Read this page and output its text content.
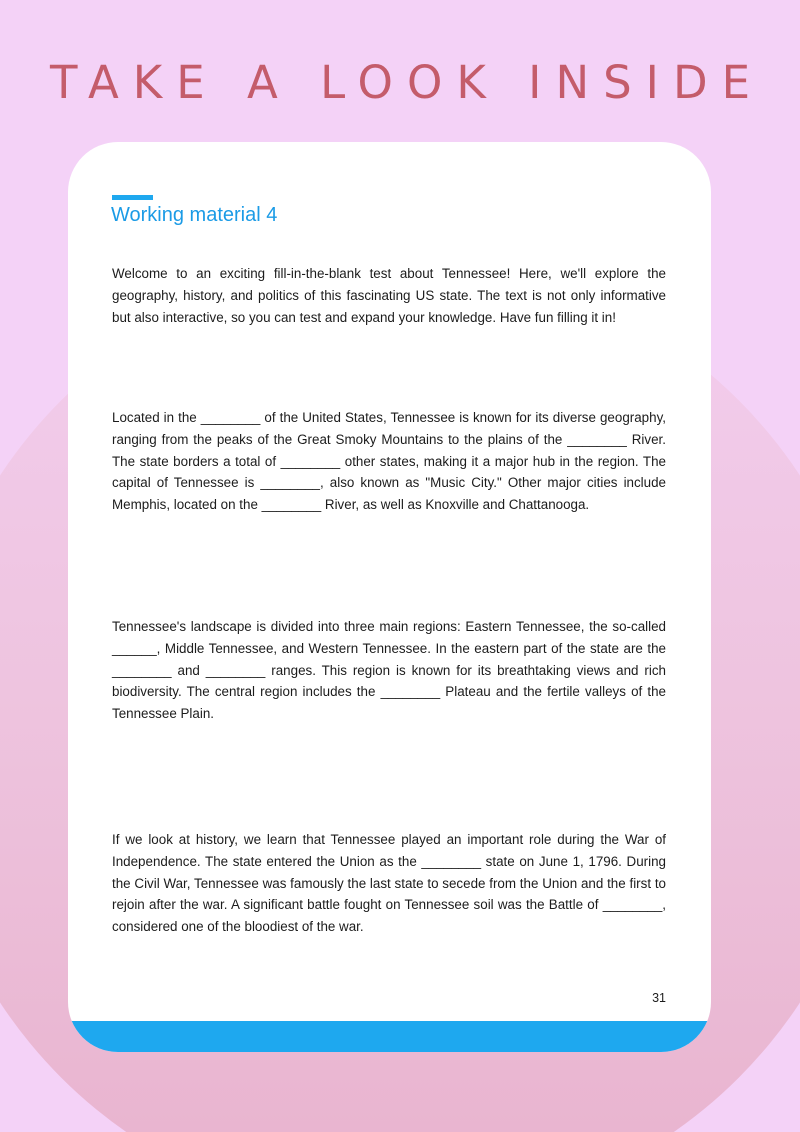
TAKE A LOOK INSIDE
Working material 4

Welcome to an exciting fill-in-the-blank test about Tennessee! Here, we'll explore the geography, history, and politics of this fascinating US state. The text is not only informative but also interactive, so you can test and expand your knowledge. Have fun filling it in!

Located in the ________ of the United States, Tennessee is known for its diverse geography, ranging from the peaks of the Great Smoky Mountains to the plains of the ________ River. The state borders a total of ________ other states, making it a major hub in the region. The capital of Tennessee is ________, also known as "Music City." Other major cities include Memphis, located on the ________ River, as well as Knoxville and Chattanooga.

Tennessee's landscape is divided into three main regions: Eastern Tennessee, the so-called ______, Middle Tennessee, and Western Tennessee. In the eastern part of the state are the ________ and ________ ranges. This region is known for its breathtaking views and rich biodiversity. The central region includes the ________ Plateau and the fertile valleys of the Tennessee Plain.

If we look at history, we learn that Tennessee played an important role during the War of Independence. The state entered the Union as the ________ state on June 1, 1796. During the Civil War, Tennessee was famously the last state to secede from the Union and the first to rejoin after the war. A significant battle fought on Tennessee soil was the Battle of ________, considered one of the bloodiest of the war.

31
